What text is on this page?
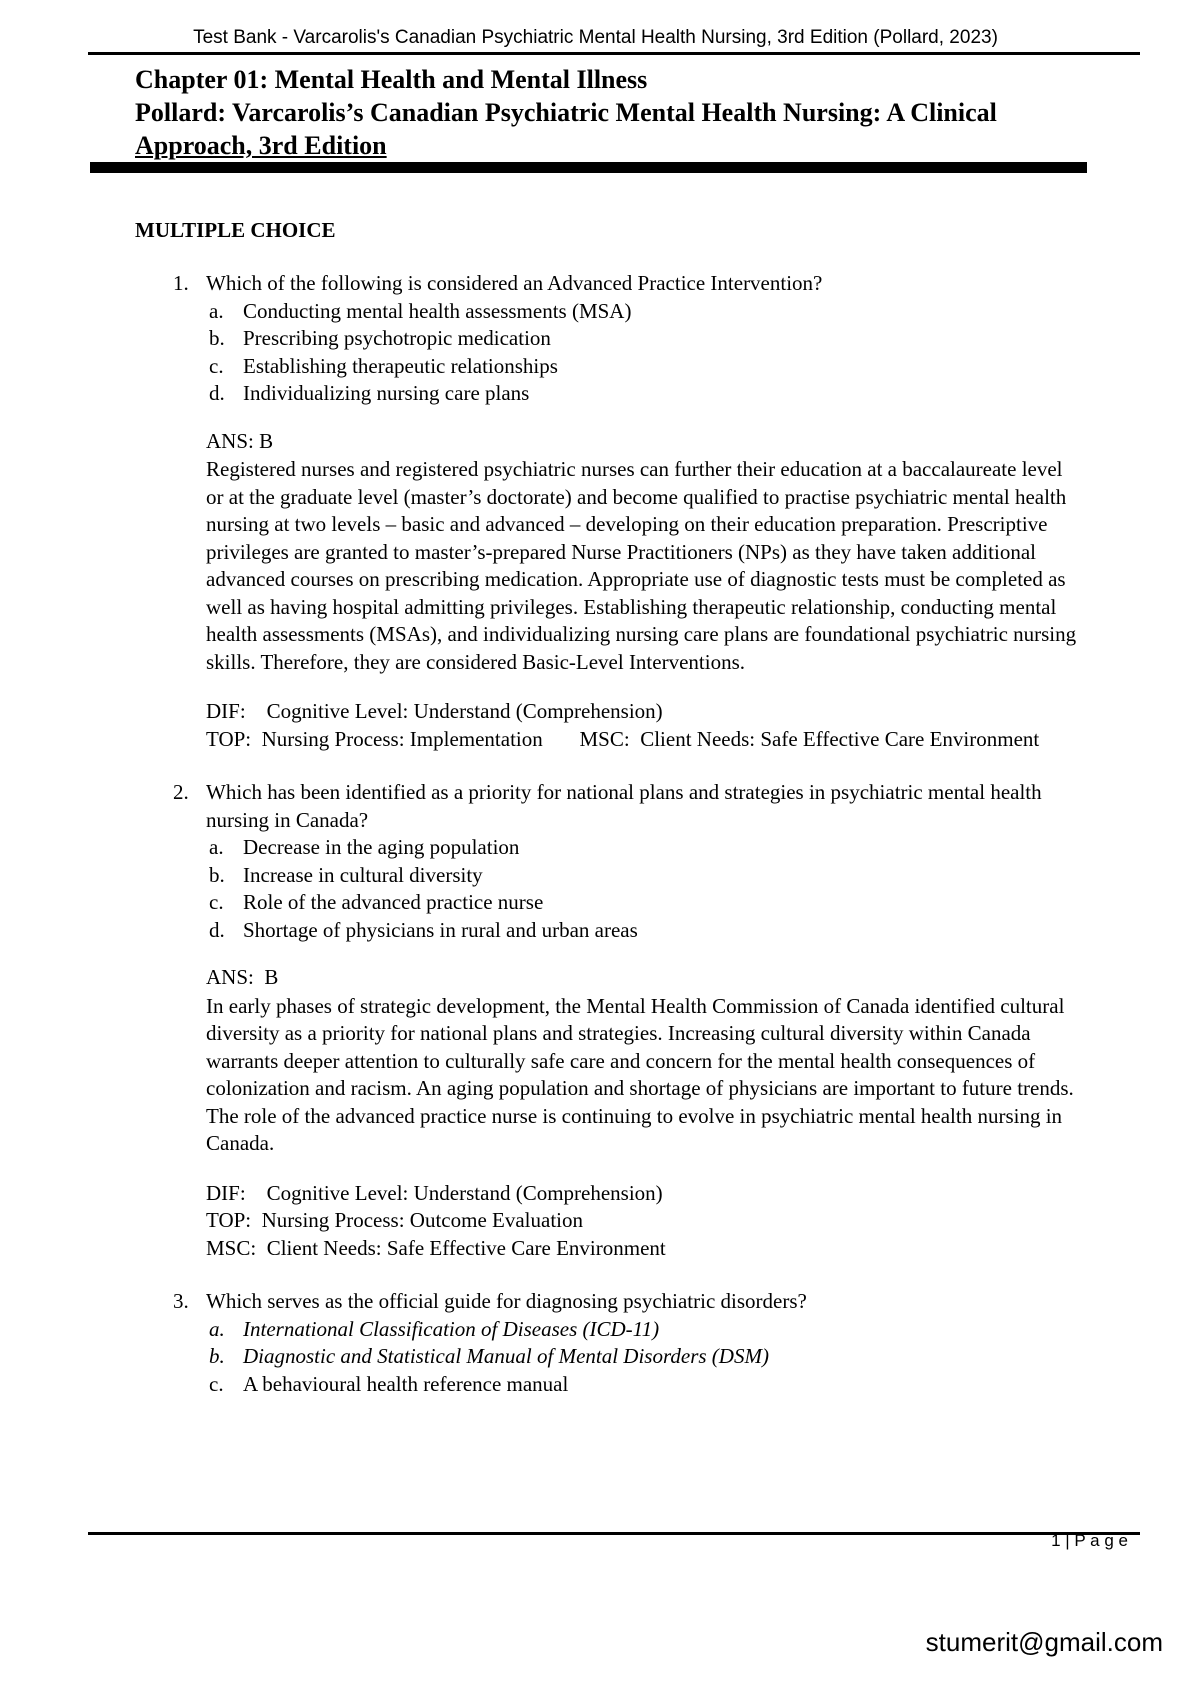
Test Bank - Varcarolis's Canadian Psychiatric Mental Health Nursing, 3rd Edition (Pollard, 2023)
Chapter 01: Mental Health and Mental Illness
Pollard: Varcarolis’s Canadian Psychiatric Mental Health Nursing: A Clinical
Approach, 3rd Edition
MULTIPLE CHOICE
1. Which of the following is considered an Advanced Practice Intervention?
a. Conducting mental health assessments (MSA)
b. Prescribing psychotropic medication
c. Establishing therapeutic relationships
d. Individualizing nursing care plans
ANS: B
Registered nurses and registered psychiatric nurses can further their education at a baccalaureate level or at the graduate level (master’s doctorate) and become qualified to practise psychiatric mental health nursing at two levels – basic and advanced – developing on their education preparation. Prescriptive privileges are granted to master’s-prepared Nurse Practitioners (NPs) as they have taken additional advanced courses on prescribing medication. Appropriate use of diagnostic tests must be completed as well as having hospital admitting privileges. Establishing therapeutic relationship, conducting mental health assessments (MSAs), and individualizing nursing care plans are foundational psychiatric nursing skills. Therefore, they are considered Basic-Level Interventions.
DIF:    Cognitive Level: Understand (Comprehension)
TOP:  Nursing Process: Implementation       MSC:  Client Needs: Safe Effective Care Environment
2. Which has been identified as a priority for national plans and strategies in psychiatric mental health nursing in Canada?
a. Decrease in the aging population
b. Increase in cultural diversity
c. Role of the advanced practice nurse
d. Shortage of physicians in rural and urban areas
ANS:  B
In early phases of strategic development, the Mental Health Commission of Canada identified cultural diversity as a priority for national plans and strategies. Increasing cultural diversity within Canada warrants deeper attention to culturally safe care and concern for the mental health consequences of colonization and racism. An aging population and shortage of physicians are important to future trends. The role of the advanced practice nurse is continuing to evolve in psychiatric mental health nursing in Canada.
DIF:    Cognitive Level: Understand (Comprehension)
TOP:  Nursing Process: Outcome Evaluation
MSC:  Client Needs: Safe Effective Care Environment
3. Which serves as the official guide for diagnosing psychiatric disorders?
a. International Classification of Diseases (ICD-11)
b. Diagnostic and Statistical Manual of Mental Disorders (DSM)
c. A behavioural health reference manual
1 | P a g e
stumerit@gmail.com
